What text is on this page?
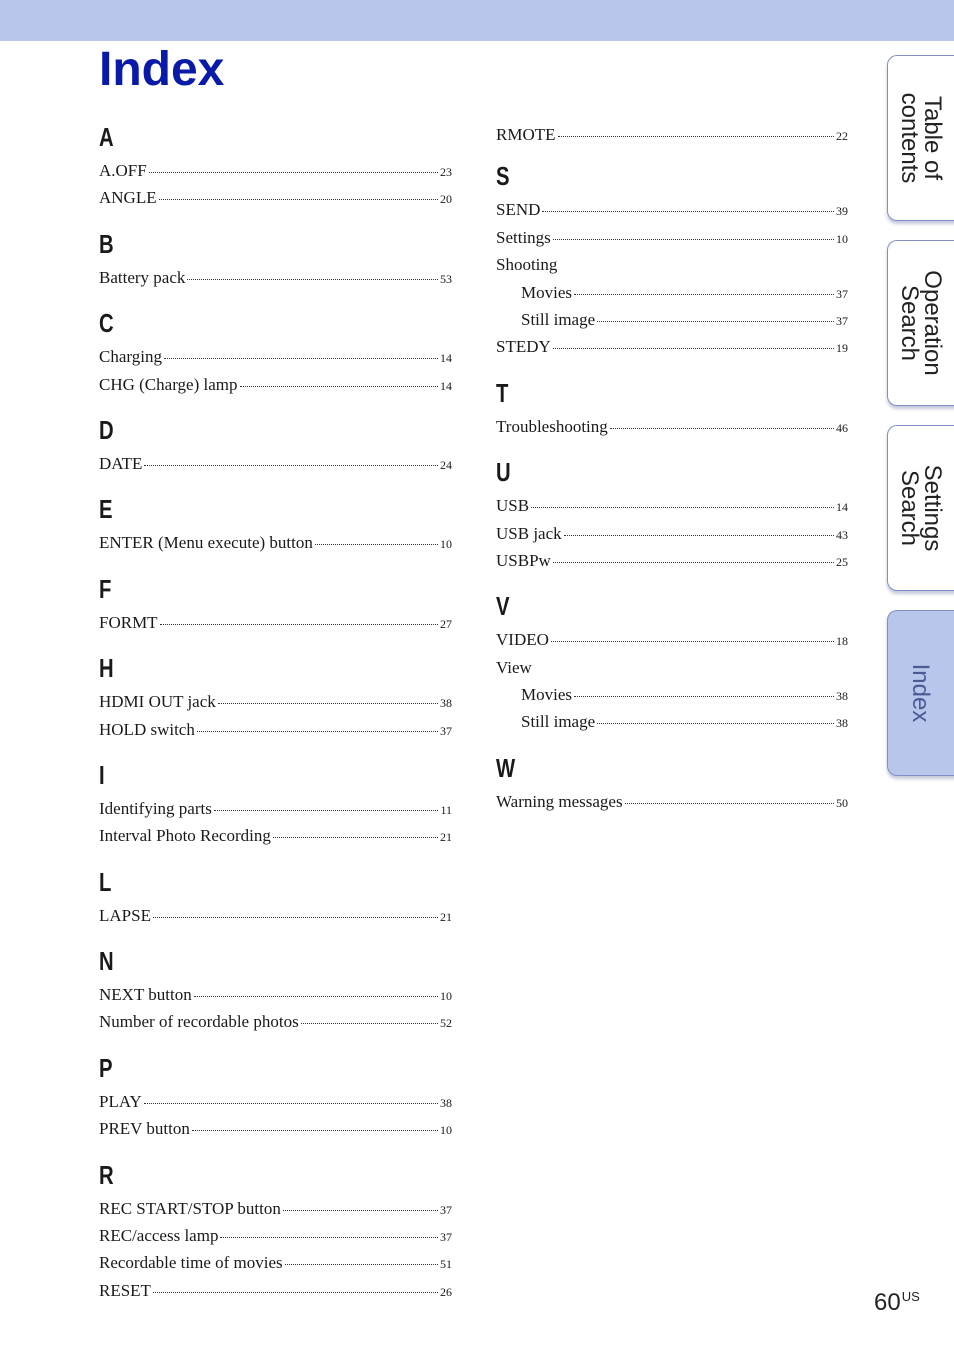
Index
A
A.OFF	23
ANGLE	20
B
Battery pack	53
C
Charging	14
CHG (Charge) lamp	14
D
DATE	24
E
ENTER (Menu execute) button	10
F
FORMT	27
H
HDMI OUT jack	38
HOLD switch	37
I
Identifying parts	11
Interval Photo Recording	21
L
LAPSE	21
N
NEXT button	10
Number of recordable photos	52
P
PLAY	38
PREV button	10
R
REC START/STOP button	37
REC/access lamp	37
Recordable time of movies	51
RESET	26
RMOTE	22
S
SEND	39
Settings	10
Shooting
Movies	37
Still image	37
STEDY	19
T
Troubleshooting	46
U
USB	14
USB jack	43
USBPw	25
V
VIDEO	18
View
Movies	38
Still image	38
W
Warning messages	50
Table of
contents
Operation
Search
Settings
Search
Index
$60^{US}$
